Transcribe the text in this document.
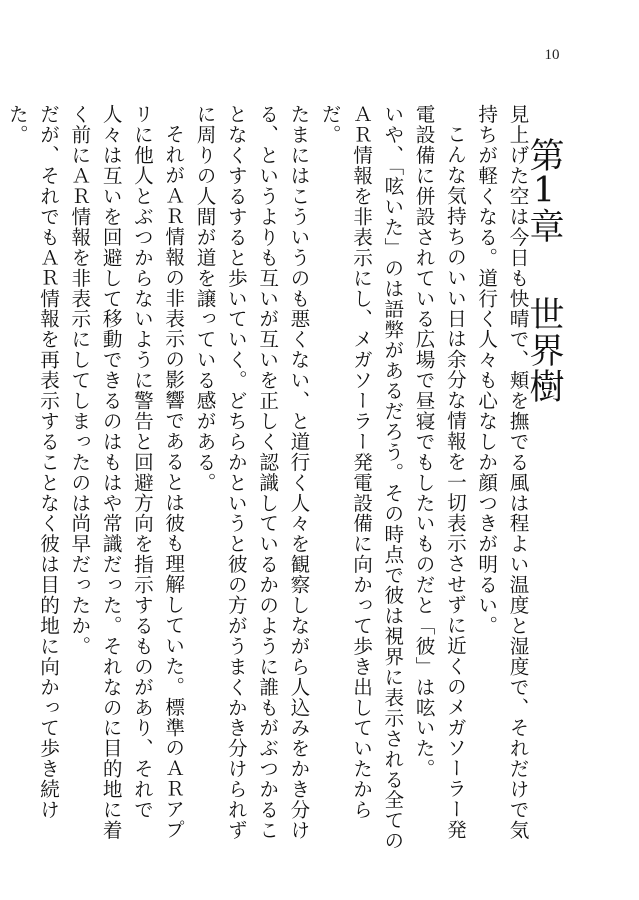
10
第1章世界樹

見上げた空は今日も快晴で、頬を撫でる風は程よい温度と湿度で、それだけで気持ちが軽くなる。道行く人々も心なしか顔つきが明るい。

こんな気持ちのいい日は余分な情報を一切表示させずに近くのメガソーラー発電設備に併設されている広場で昼寝でもしたいものだと「彼」は呟いた。

いや、「呟いた」のは語弊があるだろう。その時点で彼は視界に表示される全てのＡＲ情報を非表示にし、メガソーラー発電設備に向かって歩き出していたからだ。

たまにはこういうのも悪くない、と道行く人々を観察しながら人込みをかき分ける、というよりも互いが互いを正しく認識しているかのように誰もがぶつかることなくするすると歩いていく。どちらかというと彼の方がうまくかき分けられずに周りの人間が道を譲っている感がある。

それがＡＲ情報の非表示の影響であるとは彼も理解していた。標準のＡＲアプリに他人とぶつからないように警告と回避方向を指示するものがあり、それで人々は互いを回避して移動できるのはもはや常識だった。それなのに目的地に着く前にＡＲ情報を非表示にしてしまったのは尚早だったか。

だが、それでもＡＲ情報を再表示することなく彼は目的地に向かって歩き続けた。
